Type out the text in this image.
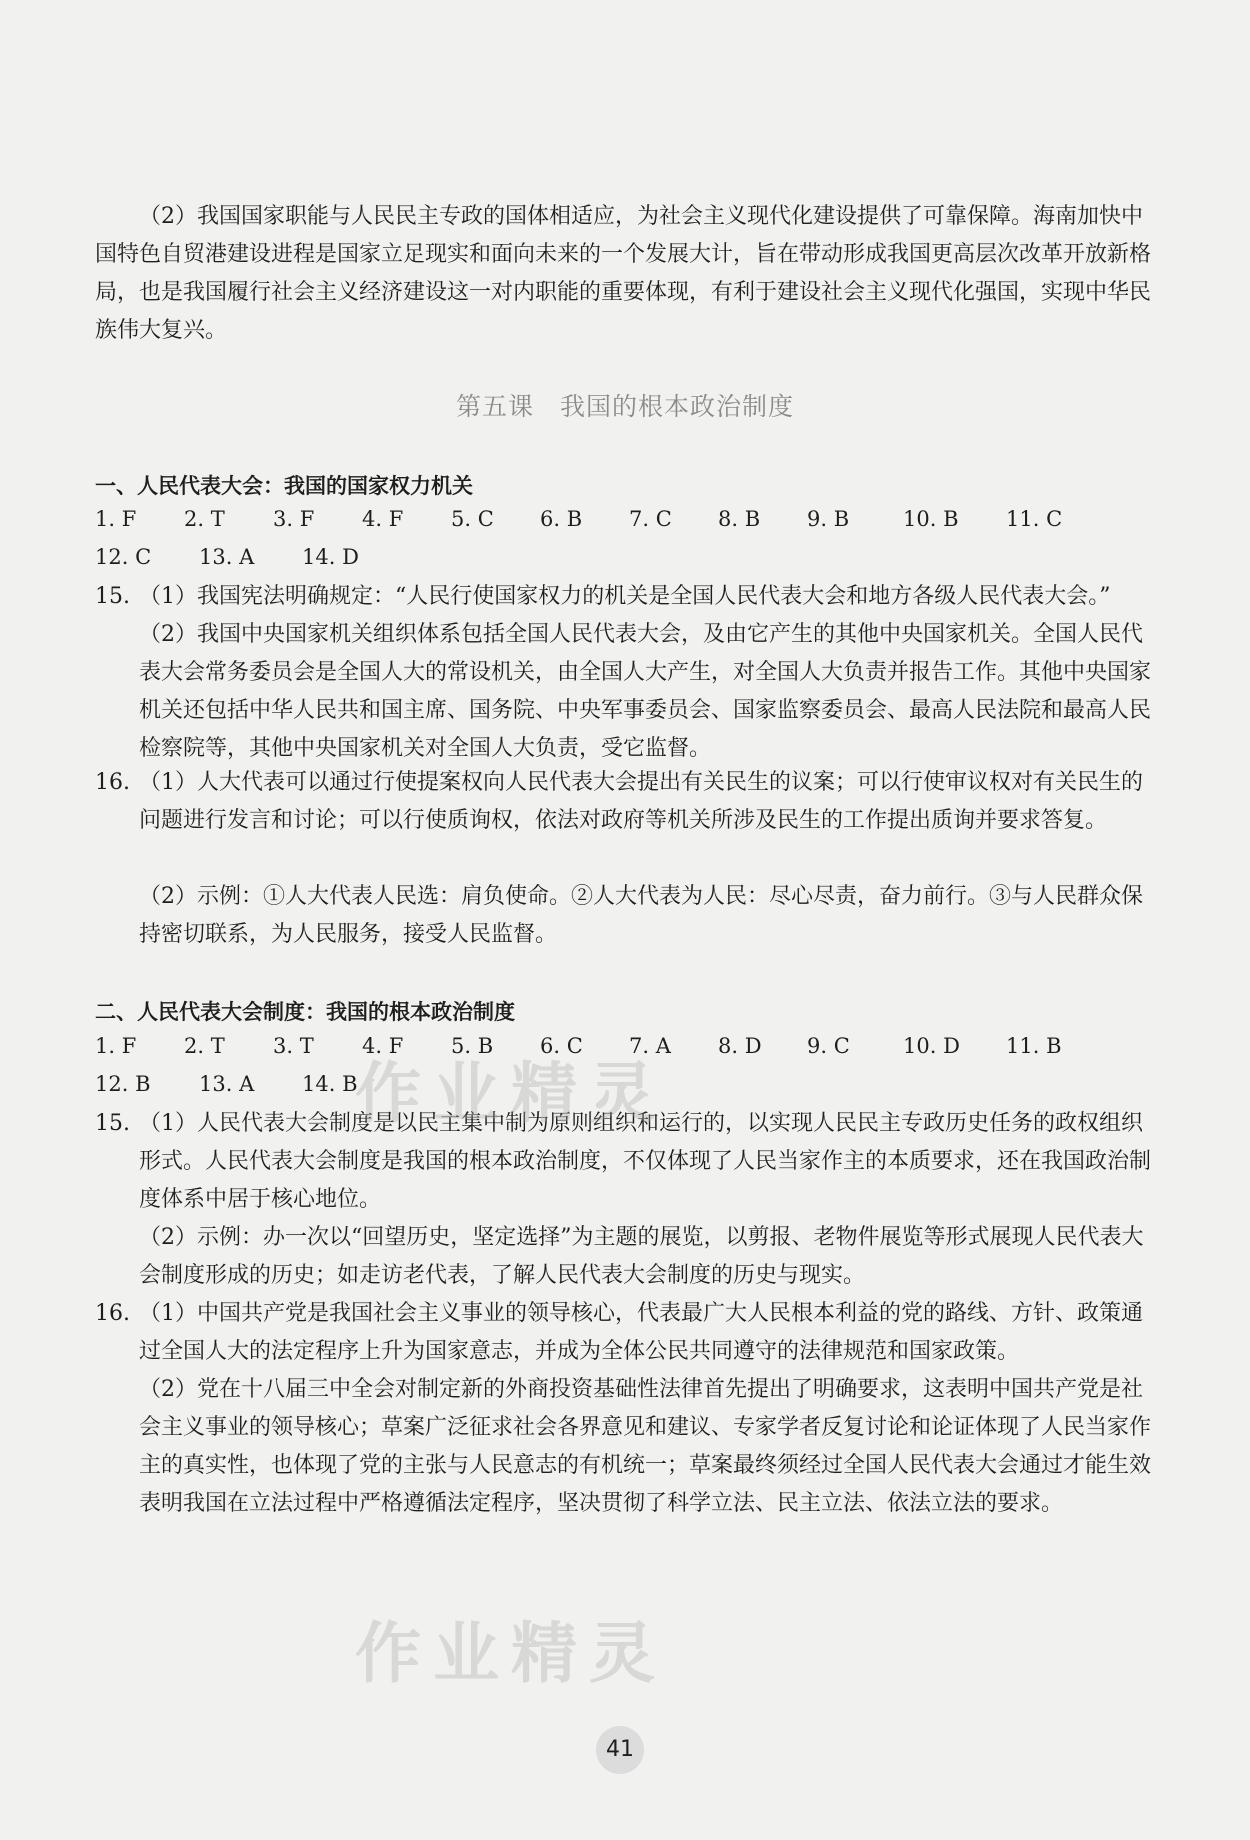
（2）我国国家职能与人民民主专政的国体相适应，为社会主义现代化建设提供了可靠保障。海南加快中国特色自贸港建设进程是国家立足现实和面向未来的一个发展大计，旨在带动形成我国更高层次改革开放新格局，也是我国履行社会主义经济建设这一对内职能的重要体现，有利于建设社会主义现代化强国，实现中华民族伟大复兴。
第五课　我国的根本政治制度
一、人民代表大会：我国的国家权力机关
1. F 2. T 3. F 4. F 5. C 6. B 7. C 8. B 9. B	10. B 11. C
12. C 13. A 14. D
15. （1）我国宪法明确规定：“人民行使国家权力的机关是全国人民代表大会和地方各级人民代表大会。”
（2）我国中央国家机关组织体系包括全国人民代表大会，及由它产生的其他中央国家机关。全国人民代表大会常务委员会是全国人大的常设机关，由全国人大产生，对全国人大负责并报告工作。其他中央国家机关还包括中华人民共和国主席、国务院、中央军事委员会、国家监察委员会、最高人民法院和最高人民检察院等，其他中央国家机关对全国人大负责，受它监督。
16. （1）人大代表可以通过行使提案权向人民代表大会提出有关民生的议案；可以行使审议权对有关民生的问题进行发言和讨论；可以行使质询权，依法对政府等机关所涉及民生的工作提出质询并要求答复。
（2）示例：①人大代表人民选：肩负使命。②人大代表为人民：尽心尽责，奋力前行。③与人民群众保持密切联系，为人民服务，接受人民监督。
二、人民代表大会制度：我国的根本政治制度
1. F 2. T 3. T 4. F 5. B 6. C 7. A 8. D 9. C	10. D 11. B
12. B 13. A 14. B
15. （1）人民代表大会制度是以民主集中制为原则组织和运行的，以实现人民民主专政历史任务的政权组织形式。人民代表大会制度是我国的根本政治制度，不仅体现了人民当家作主的本质要求，还在我国政治制度体系中居于核心地位。
（2）示例：办一次以“回望历史，坚定选择”为主题的展览，以剪报、老物件展览等形式展现人民代表大会制度形成的历史；如走访老代表，了解人民代表大会制度的历史与现实。
16. （1）中国共产党是我国社会主义事业的领导核心，代表最广大人民根本利益的党的路线、方针、政策通过全国人大的法定程序上升为国家意志，并成为全体公民共同遵守的法律规范和国家政策。
（2）党在十八届三中全会对制定新的外商投资基础性法律首先提出了明确要求，这表明中国共产党是社会主义事业的领导核心；草案广泛征求社会各界意见和建议、专家学者反复讨论和论证体现了人民当家作主的真实性，也体现了党的主张与人民意志的有机统一；草案最终须经过全国人民代表大会通过才能生效表明我国在立法过程中严格遵循法定程序，坚决贯彻了科学立法、民主立法、依法立法的要求。
作业精灵
作业精灵
41
